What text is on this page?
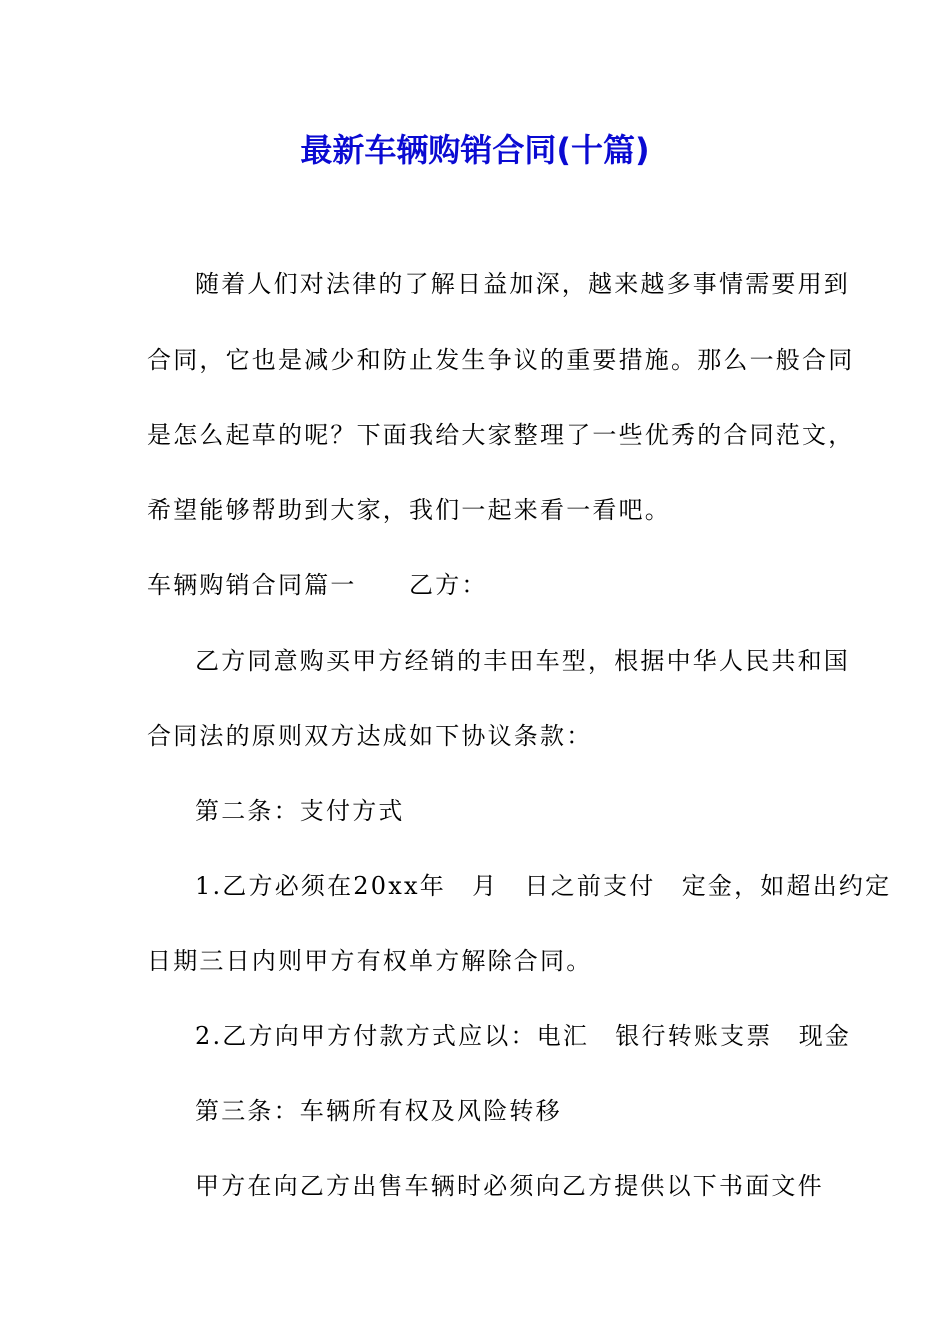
最新车辆购销合同(十篇)
随着人们对法律的了解日益加深，越来越多事情需要用到
合同，它也是减少和防止发生争议的重要措施。那么一般合同
是怎么起草的呢？下面我给大家整理了一些优秀的合同范文，
希望能够帮助到大家，我们一起来看一看吧。
车辆购销合同篇一　　乙方：
乙方同意购买甲方经销的丰田车型，根据中华人民共和国
合同法的原则双方达成如下协议条款：
第二条：支付方式
1.乙方必须在20xx年　月　日之前支付　定金，如超出约定
日期三日内则甲方有权单方解除合同。
2.乙方向甲方付款方式应以：电汇　银行转账支票　现金
第三条：车辆所有权及风险转移
甲方在向乙方出售车辆时必须向乙方提供以下书面文件
